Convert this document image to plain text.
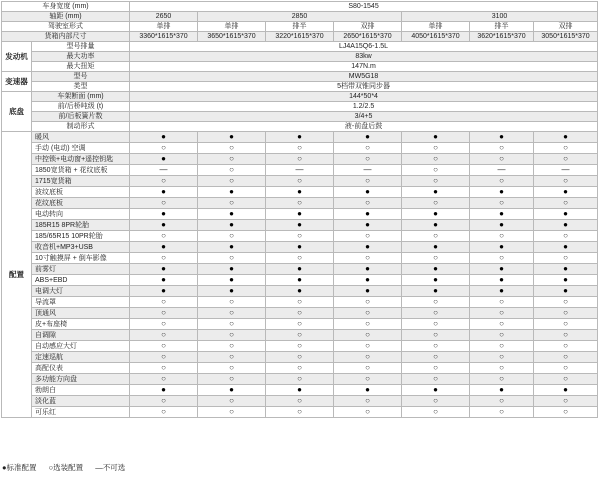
车身宽度 (mm)		S80-1545						
轴距 (mm)		2650	2850			3100		
驾驶室形式		单排	单排	排半	双排	单排	排半	双排
货箱内部尺寸		3360*1615*370	3650*1615*370	3220*1615*370	2650*1615*370	4050*1615*370	3620*1615*370	3050*1615*370
发动机	型号排量	LJ4A15Q6-1.5L						
	最大功率	83kw						
	最大扭矩	147N.m						
变速器	型号	MW5G18						
	类型	5档带双锥同步器						
底盘	车架断面 (mm)	144*50*4						
	前/后桥吨级 (t)	1.2/2.5						
	前/后板簧片数	3/4+5						
	制动形式	液-前盘后鼓						
配置	暖风	●	●	●	●	●	●	●
	手动 (电动) 空调	○	○	○	○	○	○	○
	中控锁+电动窗+遥控钥匙	●	○	○	○	○	○	○
	1850宽货箱 + 花纹底板	—	○	—	—	○	—	—
	1715宽货箱	○	○	○	○	○	○	○
	波纹底板	●	●	●	●	●	●	●
	花纹底板	○	○	○	○	○	○	○
	电动转向	●	●	●	●	●	●	●
	185R15 8PR轮胎	●	●	●	●	●	●	●
	185/65R15 10PR轮胎	○	○	○	○	○	○	○
	收音机+MP3+USB	●	●	●	●	●	●	●
	10寸触摸屏 + 倒车影像	○	○	○	○	○	○	○
	前雾灯	●	●	●	●	●	●	●
	ABS+EBD	●	●	●	●	●	●	●
	电调大灯	●	●	●	●	●	●	●
	导流罩	○	○	○	○	○	○	○
	顶通风	○	○	○	○	○	○	○
	皮+布座椅	○	○	○	○	○	○	○
	自调隙	○	○	○	○	○	○	○
	自动感应大灯	○	○	○	○	○	○	○
	定速巡航	○	○	○	○	○	○	○
	高配仪表	○	○	○	○	○	○	○
	多功能方向盘	○	○	○	○	○	○	○
	勃朗白	●	●	●	●	●	●	●
	淡化蓝	○	○	○	○	○	○	○
	可乐红	○	○	○	○	○	○	○
●标准配置 ○选装配置 —不可选
